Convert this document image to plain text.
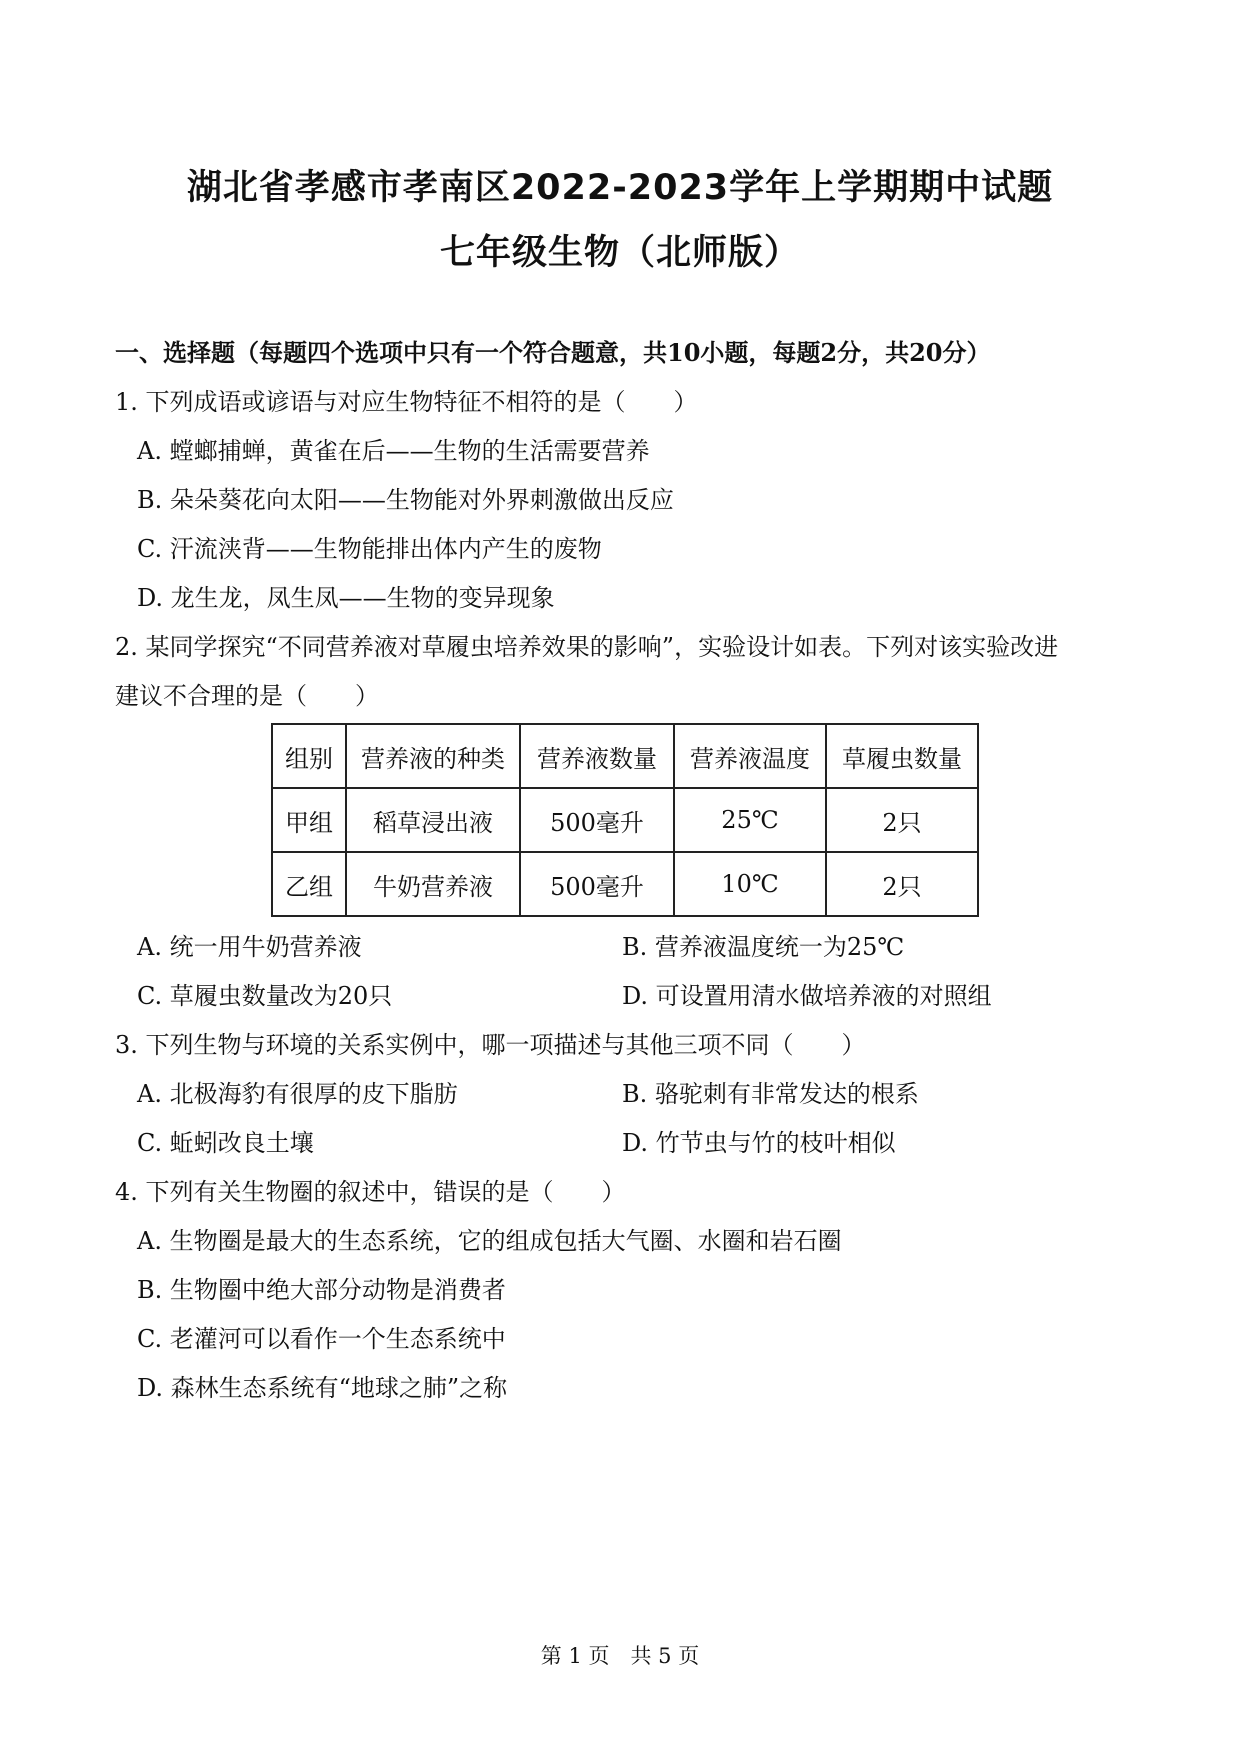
湖北省孝感市孝南区2022-2023学年上学期期中试题
七年级生物（北师版）
一、选择题（每题四个选项中只有一个符合题意，共10小题，每题2分，共20分）
1. 下列成语或谚语与对应生物特征不相符的是（　　）
A. 螳螂捕蝉，黄雀在后——生物的生活需要营养
B. 朵朵葵花向太阳——生物能对外界刺激做出反应
C. 汗流浃背——生物能排出体内产生的废物
D. 龙生龙，凤生凤——生物的变异现象
2. 某同学探究“不同营养液对草履虫培养效果的影响”，实验设计如表。下列对该实验改进
建议不合理的是（　　）
组别	营养液的种类	营养液数量	营养液温度	草履虫数量
甲组	稻草浸出液	500毫升	25℃	2只
乙组	牛奶营养液	500毫升	10℃	2只
A. 统一用牛奶营养液	B. 营养液温度统一为25℃
C. 草履虫数量改为20只	D. 可设置用清水做培养液的对照组
3. 下列生物与环境的关系实例中，哪一项描述与其他三项不同（　　）
A. 北极海豹有很厚的皮下脂肪	B. 骆驼刺有非常发达的根系
C. 蚯蚓改良土壤	D. 竹节虫与竹的枝叶相似
4. 下列有关生物圈的叙述中，错误的是（　　）
A. 生物圈是最大的生态系统，它的组成包括大气圈、水圈和岩石圈
B. 生物圈中绝大部分动物是消费者
C. 老灌河可以看作一个生态系统中
D. 森林生态系统有“地球之肺”之称
第 1 页　共 5 页
